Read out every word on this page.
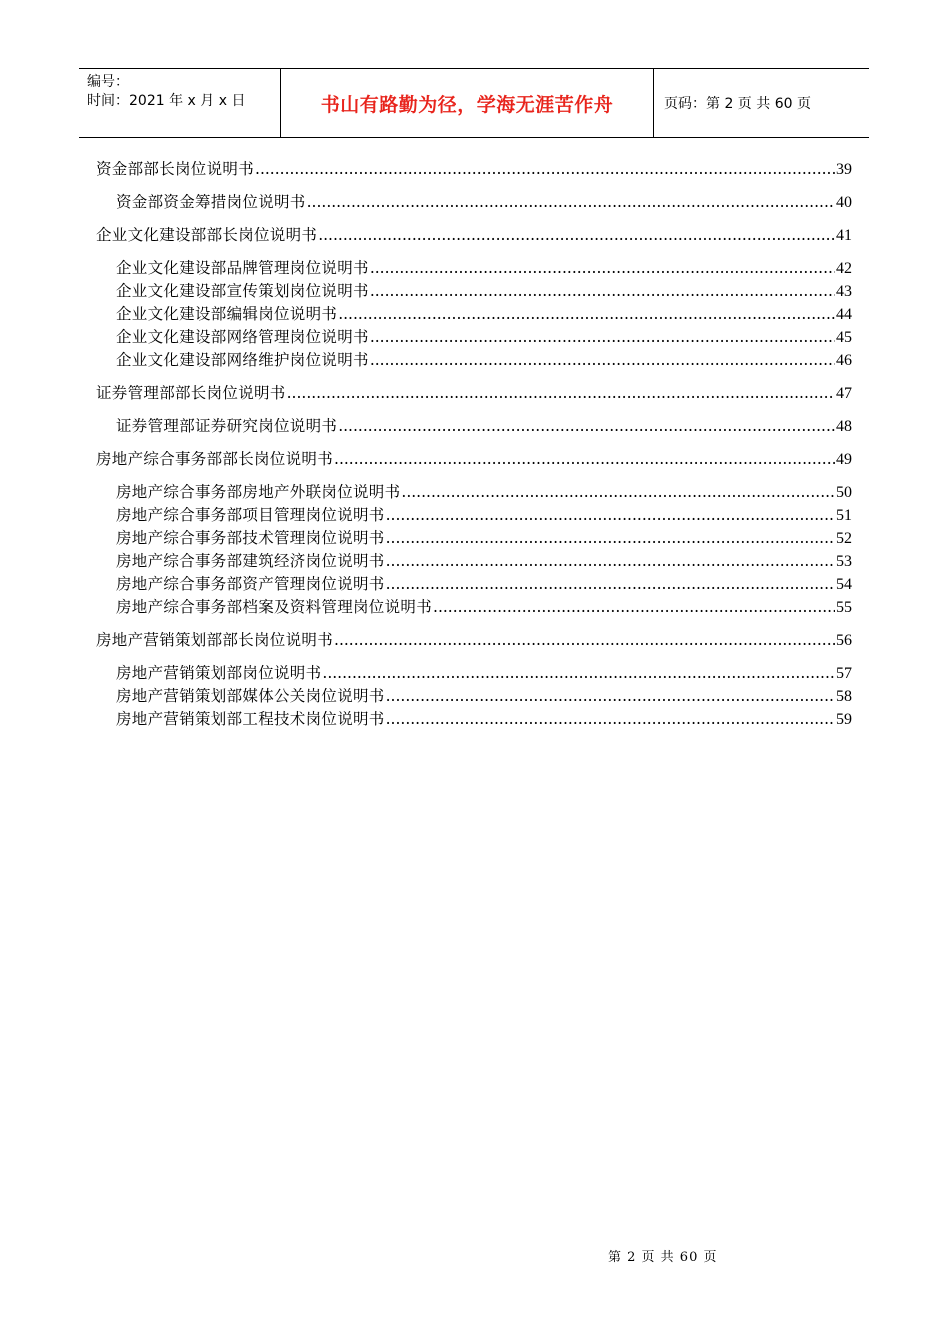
编号：
时间：2021 年 x 月 x 日	书山有路勤为径，学海无涯苦作舟	页码：第 2 页 共 60 页
资金部部长岗位说明书 .....	39
资金部资金筹措岗位说明书 .....	40
企业文化建设部部长岗位说明书 .....	41
企业文化建设部品牌管理岗位说明书 .....	42
企业文化建设部宣传策划岗位说明书 .....	43
企业文化建设部编辑岗位说明书 .....	44
企业文化建设部网络管理岗位说明书 .....	45
企业文化建设部网络维护岗位说明书 .....	46
证券管理部部长岗位说明书 .....	47
证券管理部证券研究岗位说明书 .....	48
房地产综合事务部部长岗位说明书 .....	49
房地产综合事务部房地产外联岗位说明书 .....	50
房地产综合事务部项目管理岗位说明书 .....	51
房地产综合事务部技术管理岗位说明书 .....	52
房地产综合事务部建筑经济岗位说明书 .....	53
房地产综合事务部资产管理岗位说明书 .....	54
房地产综合事务部档案及资料管理岗位说明书 .....	55
房地产营销策划部部长岗位说明书 .....	56
房地产营销策划部岗位说明书 .....	57
房地产营销策划部媒体公关岗位说明书 .....	58
房地产营销策划部工程技术岗位说明书 .....	59
第 2 页 共 60 页
